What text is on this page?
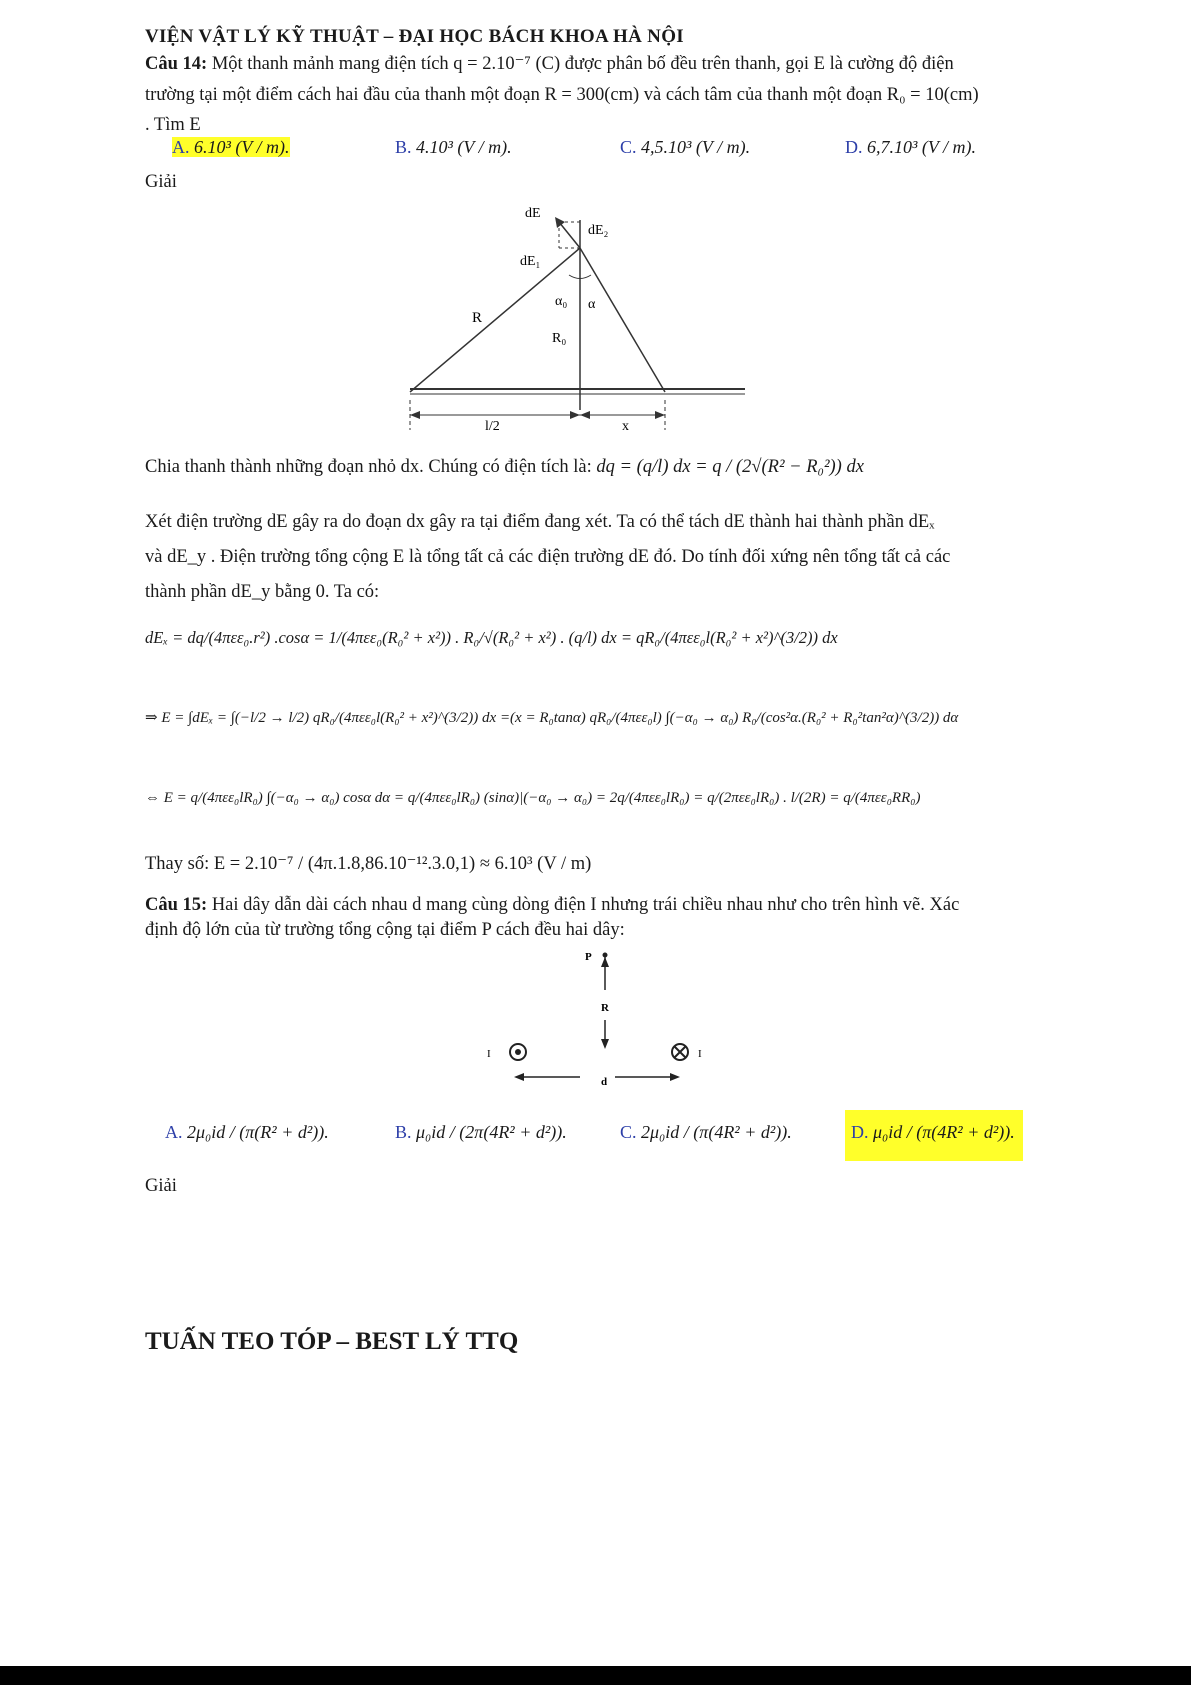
VIỆN VẬT LÝ KỸ THUẬT – ĐẠI HỌC BÁCH KHOA HÀ NỘI
Câu 14: Một thanh mảnh mang điện tích q = 2.10⁻⁷ (C) được phân bố đều trên thanh, gọi E là cường độ điện
trường tại một điểm cách hai đầu của thanh một đoạn R = 300(cm) và cách tâm của thanh một đoạn R₀ = 10(cm)
. Tìm E
A. 6.10³ (V / m).	B. 4.10³ (V / m).	C. 4,5.10³ (V / m).	D. 6,7.10³ (V / m).
Giải
dE
dE₂
dE₁
α₀ α
R
R₀
l/2	x
Chia thanh thành những đoạn nhỏ dx. Chúng có điện tích là: dq = (q/l) dx = q / (2√(R² − R₀²)) dx
Xét điện trường dE gây ra do đoạn dx gây ra tại điểm đang xét. Ta có thể tách dE thành hai thành phần dEₓ
và dE_y . Điện trường tổng cộng E là tổng tất cả các điện trường dE đó. Do tính đối xứng nên tổng tất cả các
thành phần dE_y bằng 0. Ta có:
dEₓ = dq/(4πεε₀.r²) .cosα = 1/(4πεε₀(R₀² + x²)) . R₀/√(R₀² + x²) . (q/l) dx = qR₀/(4πεε₀l(R₀² + x²)^(3/2)) dx
⇒ E = ∫dEₓ = ∫(−l/2 → l/2) qR₀/(4πεε₀l(R₀² + x²)^(3/2)) dx =(x = R₀tanα) qR₀/(4πεε₀l) ∫(−α₀ → α₀) R₀/(cos²α.(R₀² + R₀²tan²α)^(3/2)) dα
⇔ E = q/(4πεε₀lR₀) ∫(−α₀ → α₀) cosα dα = q/(4πεε₀lR₀) (sinα)|(−α₀ → α₀) = 2q/(4πεε₀lR₀) = q/(2πεε₀lR₀) . l/(2R) = q/(4πεε₀RR₀)
Thay số: E = 2.10⁻⁷ / (4π.1.8,86.10⁻¹².3.0,1) ≈ 6.10³ (V / m)
Câu 15: Hai dây dẫn dài cách nhau d mang cùng dòng điện I nhưng trái chiều nhau như cho trên hình vẽ. Xác
định độ lớn của từ trường tổng cộng tại điểm P cách đều hai dây:
P
R
I	I
d
A. 2μ₀id / (π(R² + d²)).	B. μ₀id / (2π(4R² + d²)).	C. 2μ₀id / (π(4R² + d²)).	D. μ₀id / (π(4R² + d²)).
Giải
TUẤN TEO TÓP – BEST LÝ TTQ
